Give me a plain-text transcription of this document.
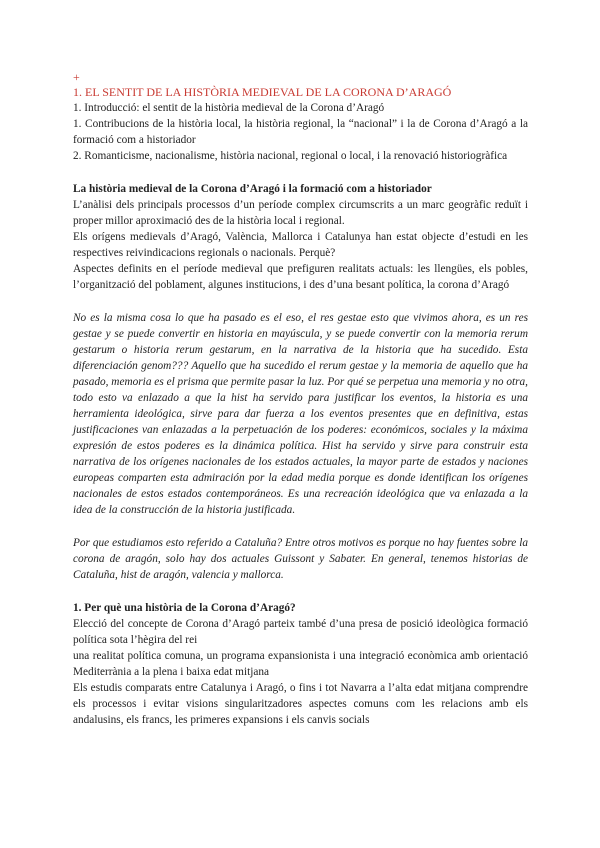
+
1. EL SENTIT DE LA HISTÒRIA MEDIEVAL DE LA CORONA D’ARAGÓ

1. Introducció: el sentit de la història medieval de la Corona d’Aragó

1. Contribucions de la història local, la història regional, la “nacional” i la de Corona d’Aragó a la formació com a historiador

2. Romanticisme, nacionalisme, història nacional, regional o local, i la renovació historiogràfica

La història medieval de la Corona d’Aragó i la formació com a historiador

L’anàlisi dels principals processos d’un període complex circumscrits a un marc geogràfic reduït i proper millor aproximació des de la història local i regional.

Els orígens medievals d’Aragó, València, Mallorca i Catalunya han estat objecte d’estudi en les respectives reivindicacions regionals o nacionals. Perquè?

Aspectes definits en el període medieval que prefiguren realitats actuals: les llengües, els pobles, l’organització del poblament, algunes institucions, i des d’una besant política, la corona d’Aragó

No es la misma cosa lo que ha pasado es el eso, el res gestae esto que vivimos ahora, es un res gestae y se puede convertir en historia en mayúscula, y se puede convertir con la memoria rerum gestarum o historia rerum gestarum, en la narrativa de la historia que ha sucedido. Esta diferenciación genom??? Aquello que ha sucedido el rerum gestae y la memoria de aquello que ha pasado, memoria es el prisma que permite pasar la luz. Por qué se perpetua una memoria y no otra, todo esto va enlazado a que la hist ha servido para justificar los eventos, la historia es una herramienta ideológica, sirve para dar fuerza a los eventos presentes que en definitiva, estas justificaciones van enlazadas a la perpetuación de los poderes: económicos, sociales y la máxima expresión de estos poderes es la dinámica política. Hist ha servido y sirve para construir esta narrativa de los orígenes nacionales de los estados actuales, la mayor parte de estados y naciones europeas comparten esta admiración por la edad media porque es donde identifican los orígenes nacionales de estos estados contemporáneos. Es una recreación ideológica que va enlazada a la idea de la construcción de la historia justificada.

Por que estudiamos esto referido a Cataluña? Entre otros motivos es porque no hay fuentes sobre la corona de aragón, solo hay dos actuales Guissont y Sabater. En general, tenemos historias de Cataluña, hist de aragón, valencia y mallorca.

1. Per què una història de la Corona d’Aragó?

Elecció del concepte de Corona d’Aragó parteix també d’una presa de posició ideològica formació política sota l’hègira del rei

una realitat política comuna, un programa expansionista i una integració econòmica amb orientació Mediterrània a la plena i baixa edat mitjana

Els estudis comparats entre Catalunya i Aragó, o fins i tot Navarra a l’alta edat mitjana comprendre els processos i evitar visions singularitzadores aspectes comuns com les relacions amb els andalusins, els francs, les primeres expansions i els canvis socials
